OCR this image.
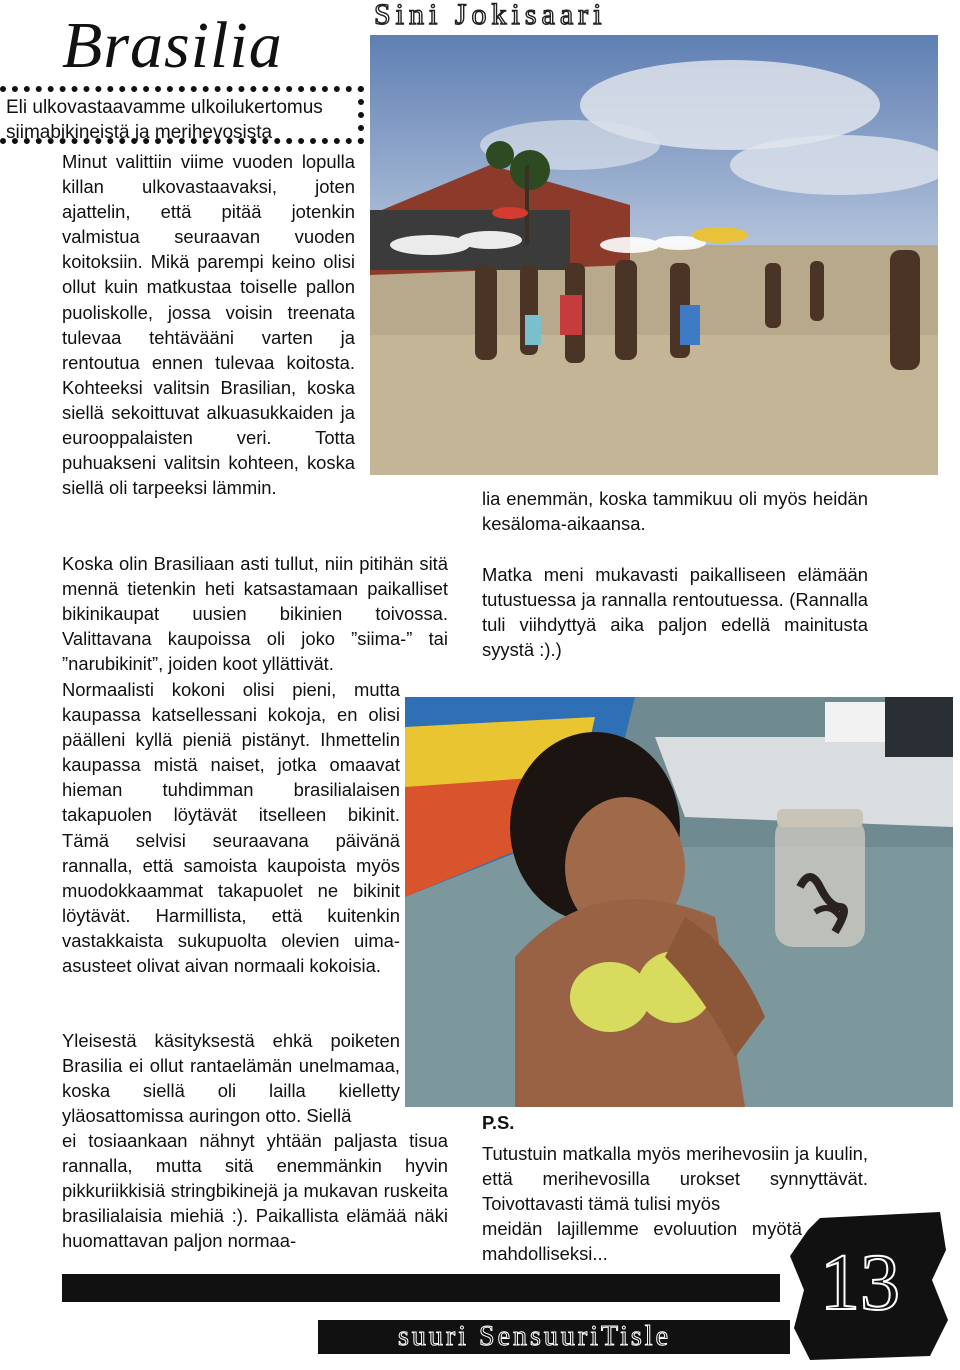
Brasilia	Sini Jokisaari
Eli ulkovastaavamme ulkoilukertomus
siimabikineistä ja merihevosista

Minut valittiin viime vuoden lopulla killan ulkovastaavaksi, joten ajattelin, että pitää jotenkin valmistua seuraavan vuoden koitoksiin. Mikä parempi keino olisi ollut kuin matkustaa toiselle pallon puoliskolle, jossa voisin treenata tulevaa tehtävääni varten ja rentoutua ennen tulevaa koitosta. Kohteeksi valitsin Brasilian, koska siellä sekoittuvat alkuasukkaiden ja eurooppalaisten veri. Totta puhuakseni valitsin kohteen, koska siellä oli tarpeeksi lämmin.

Koska olin Brasiliaan asti tullut, niin pitihän sitä mennä tietenkin heti katsastamaan paikalliset bikinikaupat uusien bikinien toivossa. Valittavana kaupoissa oli joko ”siima-” tai ”narubikinit”, joiden koot yllättivät.

Normaalisti kokoni olisi pieni, mutta kaupassa katsellessani kokoja, en olisi päälleni kyllä pieniä pistänyt. Ihmettelin kaupassa mistä naiset, jotka omaavat hieman tuhdimman brasilialaisen takapuolen löytävät itselleen bikinit. Tämä selvisi seuraavana päivänä rannalla, että samoista kaupoista myös muodokkaammat takapuolet ne bikinit löytävät. Harmillista, että kuitenkin vastakkaista sukupuolta olevien uima-asusteet olivat aivan normaali kokoisia.

Yleisestä käsityksestä ehkä poiketen Brasilia ei ollut rantaelämän unelmamaa, koska siellä oli lailla kielletty yläosattomissa auringon otto. Siellä

ei tosiaankaan nähnyt yhtään paljasta tisua rannalla, mutta sitä enemmänkin hyvin pikkuriikkisiä stringbikinejä ja mukavan ruskeita brasilialaisia miehiä :). Paikallista elämää näki huomattavan paljon normaa-

lia enemmän, koska tammikuu oli myös heidän kesäloma-aikaansa.

Matka meni mukavasti paikalliseen elämään tutustuessa ja rannalla rentoutuessa. (Rannalla tuli viihdyttyä aika paljon edellä mainitusta syystä :).)

P.S.

Tutustuin matkalla myös merihevosiin ja kuulin, että merihevosilla urokset synnyttävät. Toivottavasti tämä tulisi myös

meidän lajillemme evoluution myötä mahdolliseksi...

suuri SensuuriTisle
13
